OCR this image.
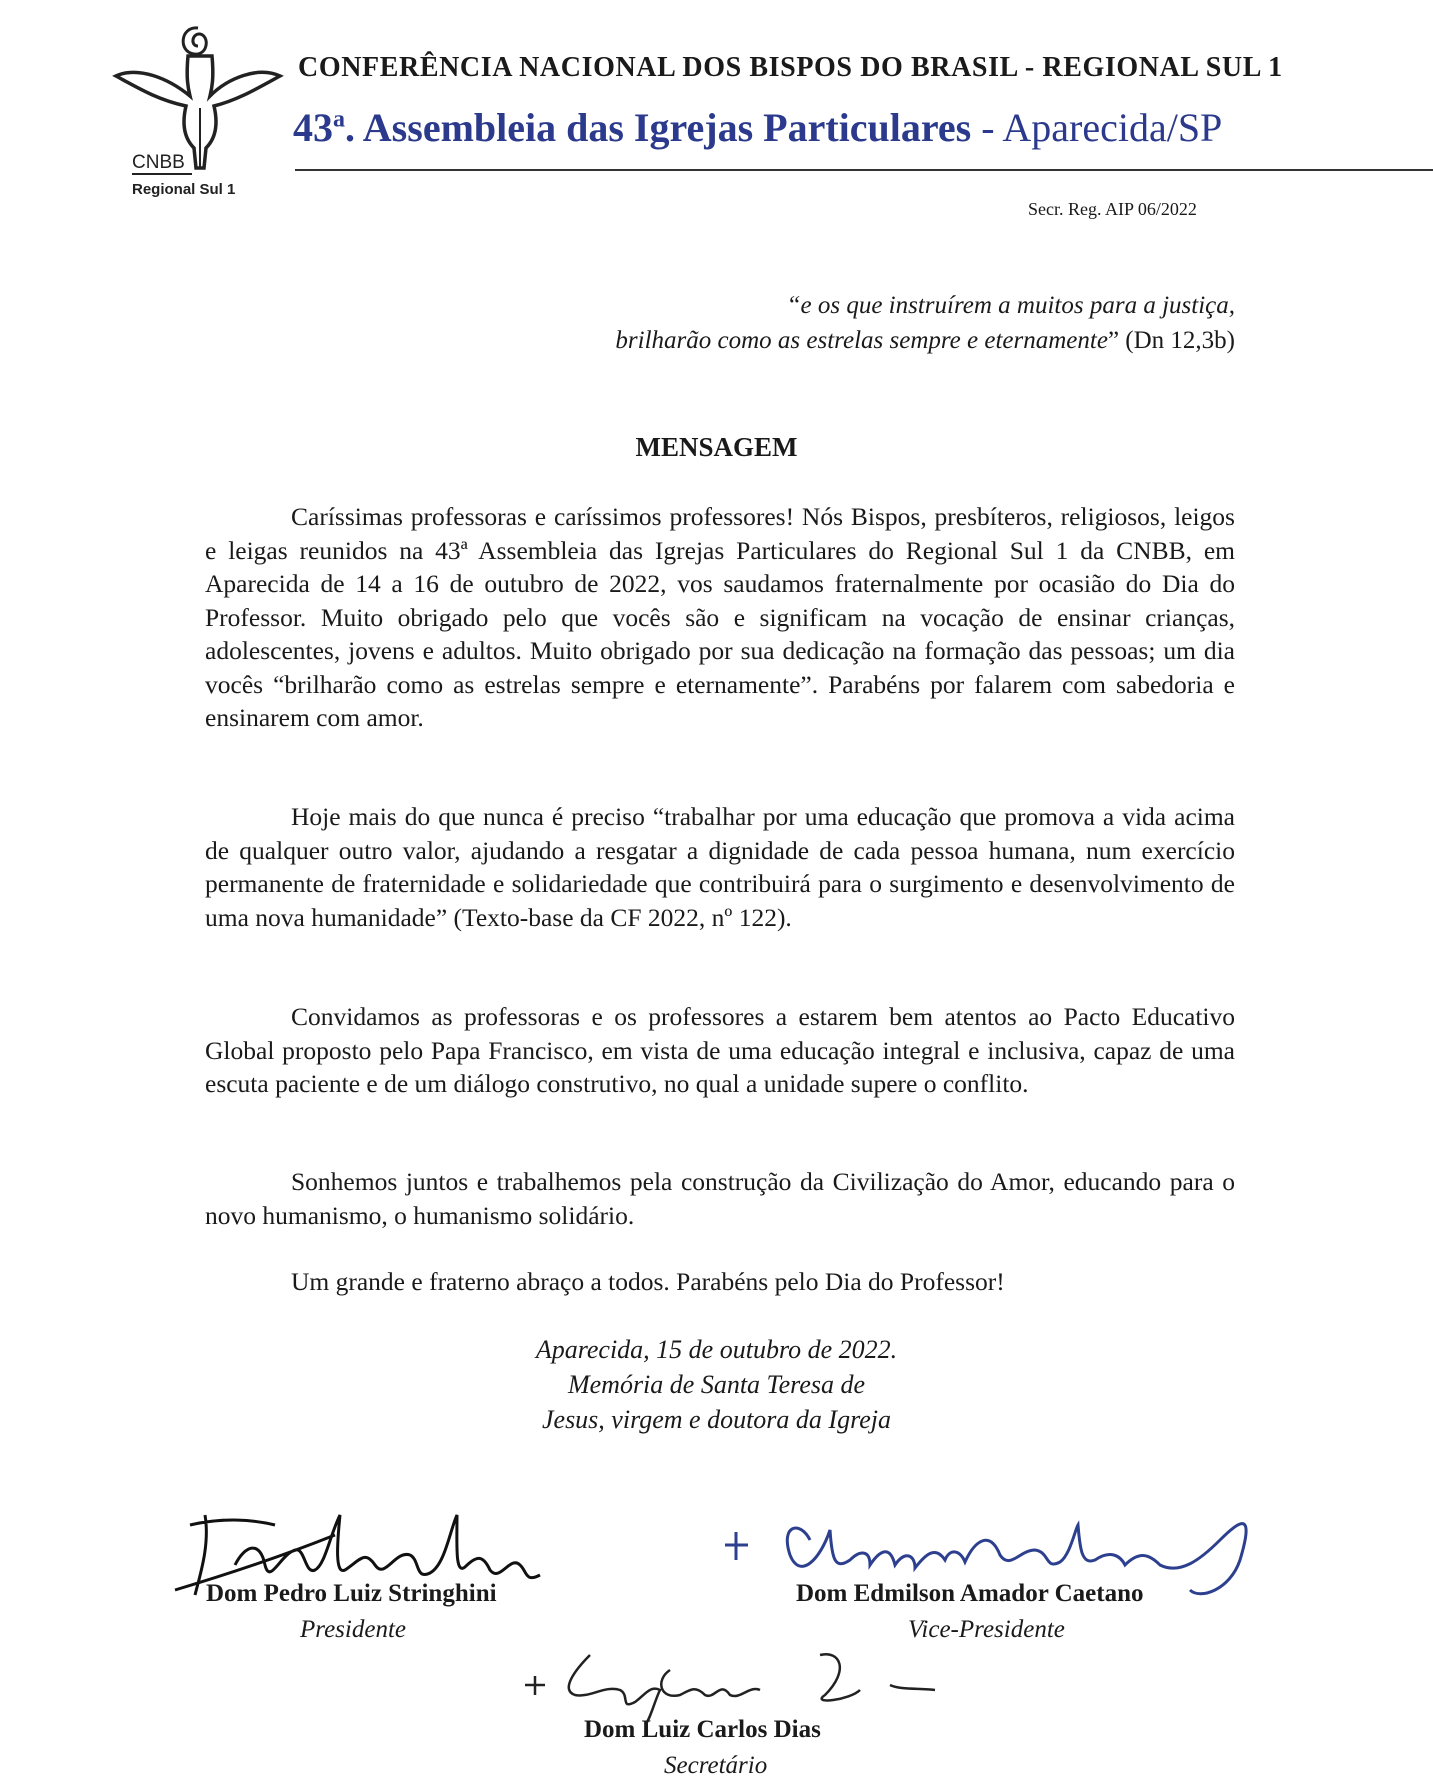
CNBB
Regional Sul 1
CONFERÊNCIA NACIONAL DOS BISPOS DO BRASIL - REGIONAL SUL 1
43$^a$. Assembleia das Igrejas Particulares - Aparecida/SP
Secr. Reg. AIP 06/2022
“e os que instruírem a muitos para a justiça,
brilharão como as estrelas sempre e eternamente” (Dn 12,3b)
MENSAGEM

Caríssimas professoras e caríssimos professores! Nós Bispos, presbíteros, religiosos, leigos e leigas reunidos na 43ª Assembleia das Igrejas Particulares do Regional Sul 1 da CNBB, em Aparecida de 14 a 16 de outubro de 2022, vos saudamos fraternalmente por ocasião do Dia do Professor. Muito obrigado pelo que vocês são e significam na vocação de ensinar crianças, adolescentes, jovens e adultos. Muito obrigado por sua dedicação na formação das pessoas; um dia vocês “brilharão como as estrelas sempre e eternamente”. Parabéns por falarem com sabedoria e ensinarem com amor.

Hoje mais do que nunca é preciso “trabalhar por uma educação que promova a vida acima de qualquer outro valor, ajudando a resgatar a dignidade de cada pessoa humana, num exercício permanente de fraternidade e solidariedade que contribuirá para o surgimento e desenvolvimento de uma nova humanidade” (Texto-base da CF 2022, nº 122).

Convidamos as professoras e os professores a estarem bem atentos ao Pacto Educativo Global proposto pelo Papa Francisco, em vista de uma educação integral e inclusiva, capaz de uma escuta paciente e de um diálogo construtivo, no qual a unidade supere o conflito.

Sonhemos juntos e trabalhemos pela construção da Civilização do Amor, educando para o novo humanismo, o humanismo solidário.

Um grande e fraterno abraço a todos. Parabéns pelo Dia do Professor!

Aparecida, 15 de outubro de 2022.
Memória de Santa Teresa de
Jesus, virgem e doutora da Igreja
Dom Pedro Luiz Stringhini
Presidente
Dom Edmilson Amador Caetano
Vice-Presidente
Dom Luiz Carlos Dias
Secretário
